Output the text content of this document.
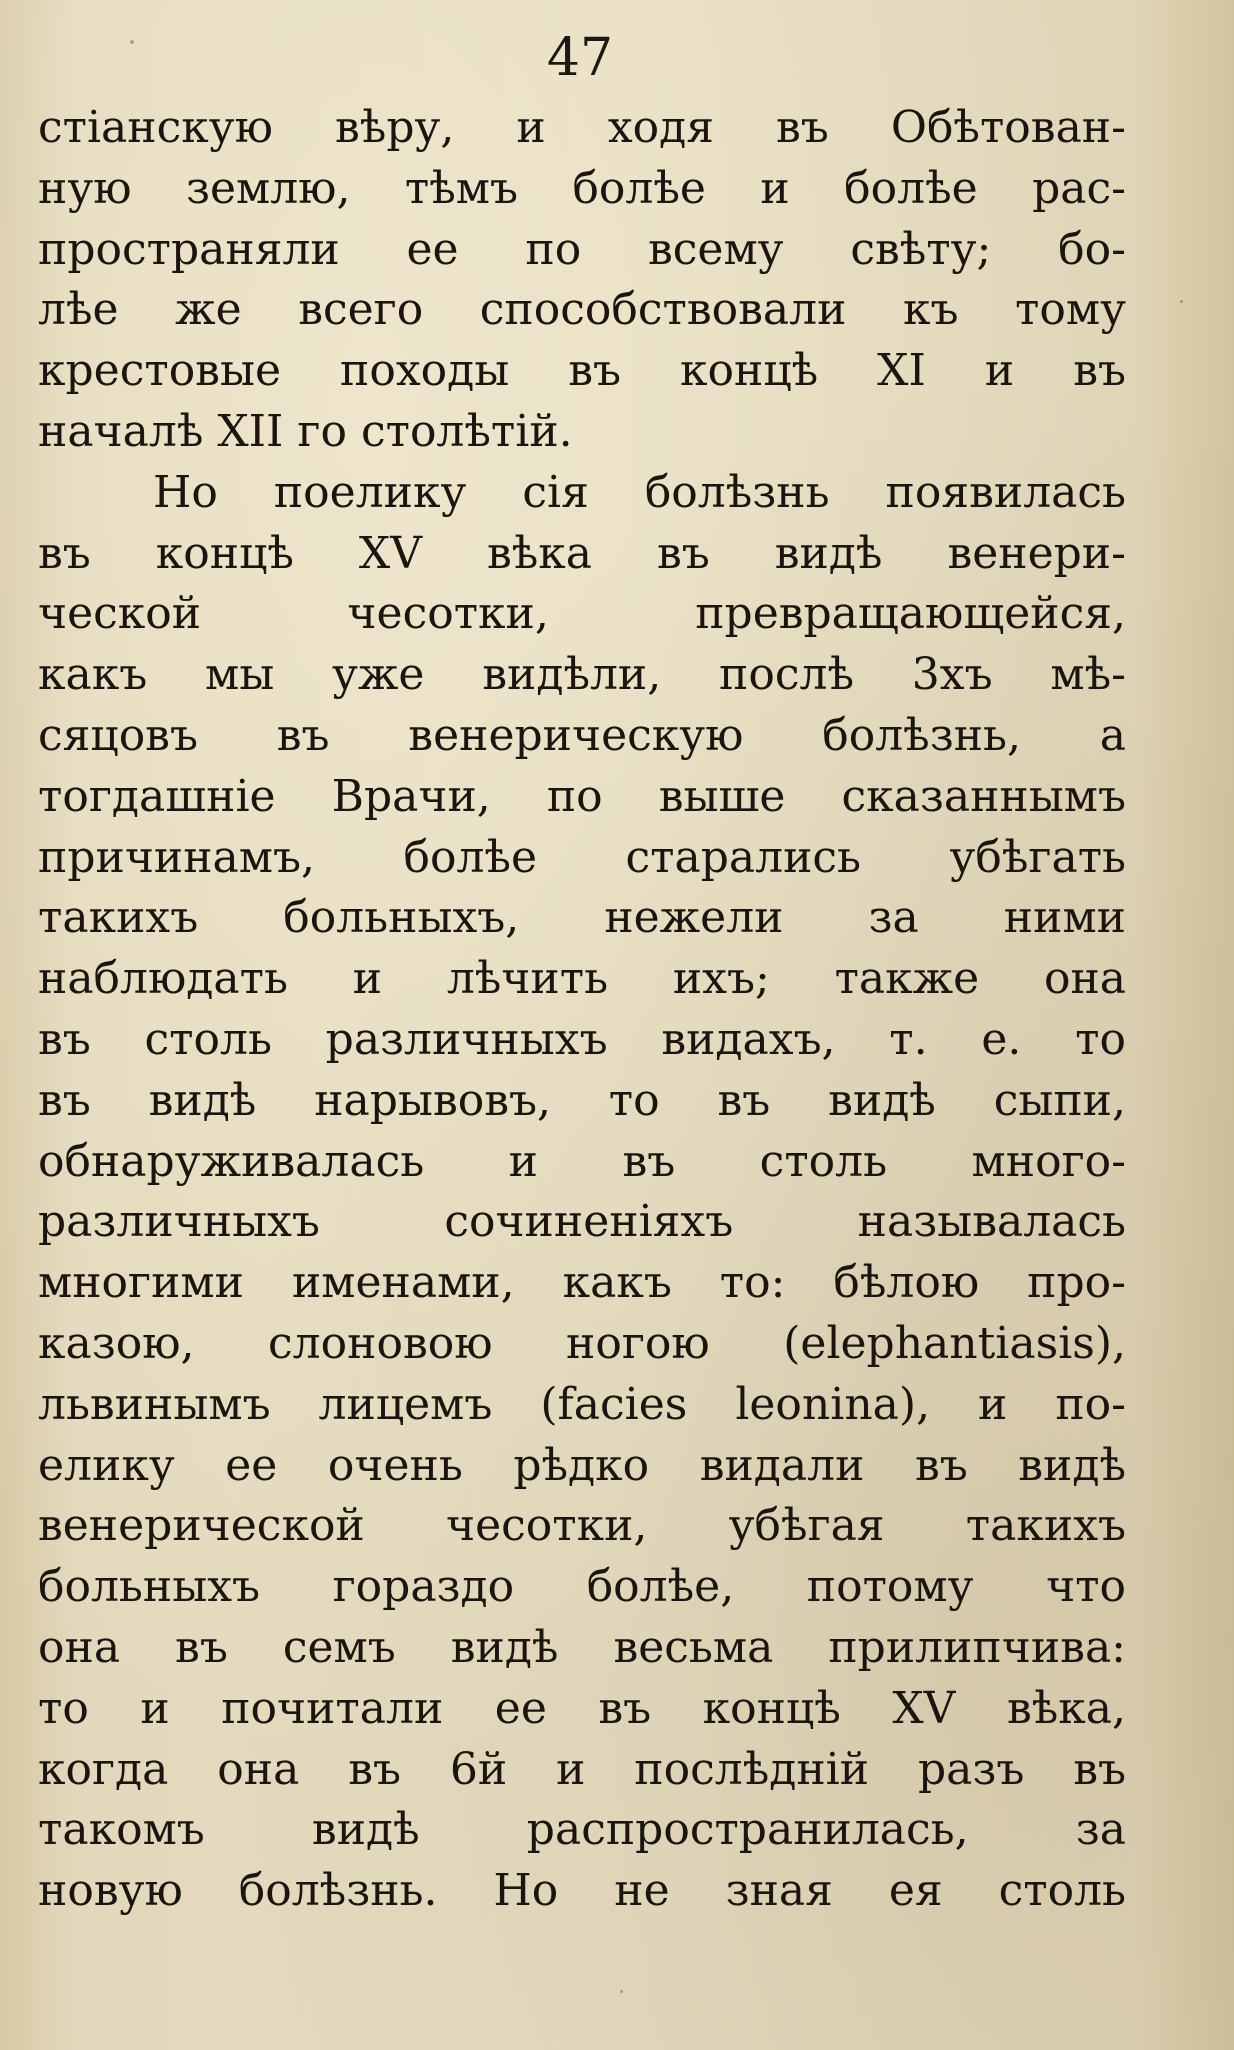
47
стіанскую вѣру, и ходя въ Обѣтован-
ную землю, тѣмъ болѣе и болѣе рас-
пространяли ее по всему свѣту; бо-
лѣе же всего способствовали къ тому
крестовые походы въ концѣ XI и въ
началѣ XII го столѣтій.
Но поелику сія болѣзнь появилась
въ концѣ XV вѣка въ видѣ венери-
ческой чесотки, превращающейся,
какъ мы уже видѣли, послѣ 3хъ мѣ-
сяцовъ въ венерическую болѣзнь, а
тогдашніе Врачи, по выше сказаннымъ
причинамъ, болѣе старались убѣгать
такихъ больныхъ, нежели за ними
наблюдать и лѣчить ихъ; также она
въ столь различныхъ видахъ, т. е. то
въ видѣ нарывовъ, то въ видѣ сыпи,
обнаруживалась и въ столь много-
различныхъ сочиненіяхъ называлась
многими именами, какъ то: бѣлою про-
казою, слоновою ногою (elephantiasis),
львинымъ лицемъ (facies leonina), и по-
елику ее очень рѣдко видали въ видѣ
венерической чесотки, убѣгая такихъ
больныхъ гораздо болѣе, потому что
она въ семъ видѣ весьма прилипчива:
то и почитали ее въ концѣ XV вѣка,
когда она въ 6й и послѣдній разъ въ
такомъ видѣ распространилась, за
новую болѣзнь. Но не зная ея столь
